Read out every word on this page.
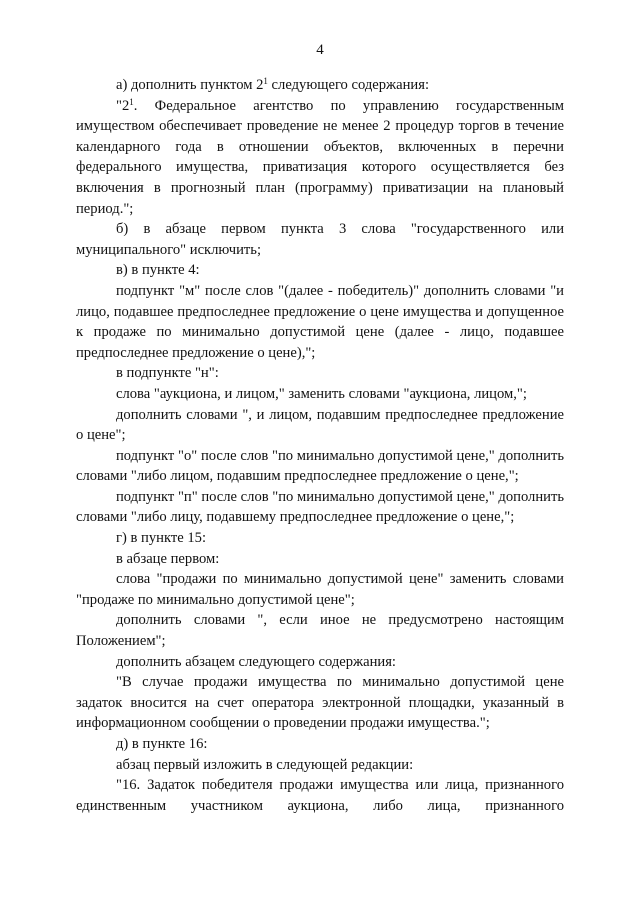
4

а) дополнить пунктом $2^1$ следующего содержания:

"$2^1$. Федеральное агентство по управлению государственным имуществом обеспечивает проведение не менее 2 процедур торгов в течение календарного года в отношении объектов, включенных в перечни федерального имущества, приватизация которого осуществляется без включения в прогнозный план (программу) приватизации на плановый период.";

б) в абзаце первом пункта 3 слова "государственного или муниципального" исключить;

в) в пункте 4:

подпункт "м" после слов "(далее - победитель)" дополнить словами "и лицо, подавшее предпоследнее предложение о цене имущества и допущенное к продаже по минимально допустимой цене (далее - лицо, подавшее предпоследнее предложение о цене),";

в подпункте "н":

слова "аукциона, и лицом," заменить словами "аукциона, лицом,";

дополнить словами ", и лицом, подавшим предпоследнее предложение о цене";

подпункт "о" после слов "по минимально допустимой цене," дополнить словами "либо лицом, подавшим предпоследнее предложение о цене,";

подпункт "п" после слов "по минимально допустимой цене," дополнить словами "либо лицу, подавшему предпоследнее предложение о цене,";

г) в пункте 15:

в абзаце первом:

слова "продажи по минимально допустимой цене" заменить словами "продаже по минимально допустимой цене";

дополнить словами ", если иное не предусмотрено настоящим Положением";

дополнить абзацем следующего содержания:

"В случае продажи имущества по минимально допустимой цене задаток вносится на счет оператора электронной площадки, указанный в информационном сообщении о проведении продажи имущества.";

д) в пункте 16:

абзац первый изложить в следующей редакции:

"16. Задаток победителя продажи имущества или лица, признанного единственным участником аукциона, либо лица, признанного
